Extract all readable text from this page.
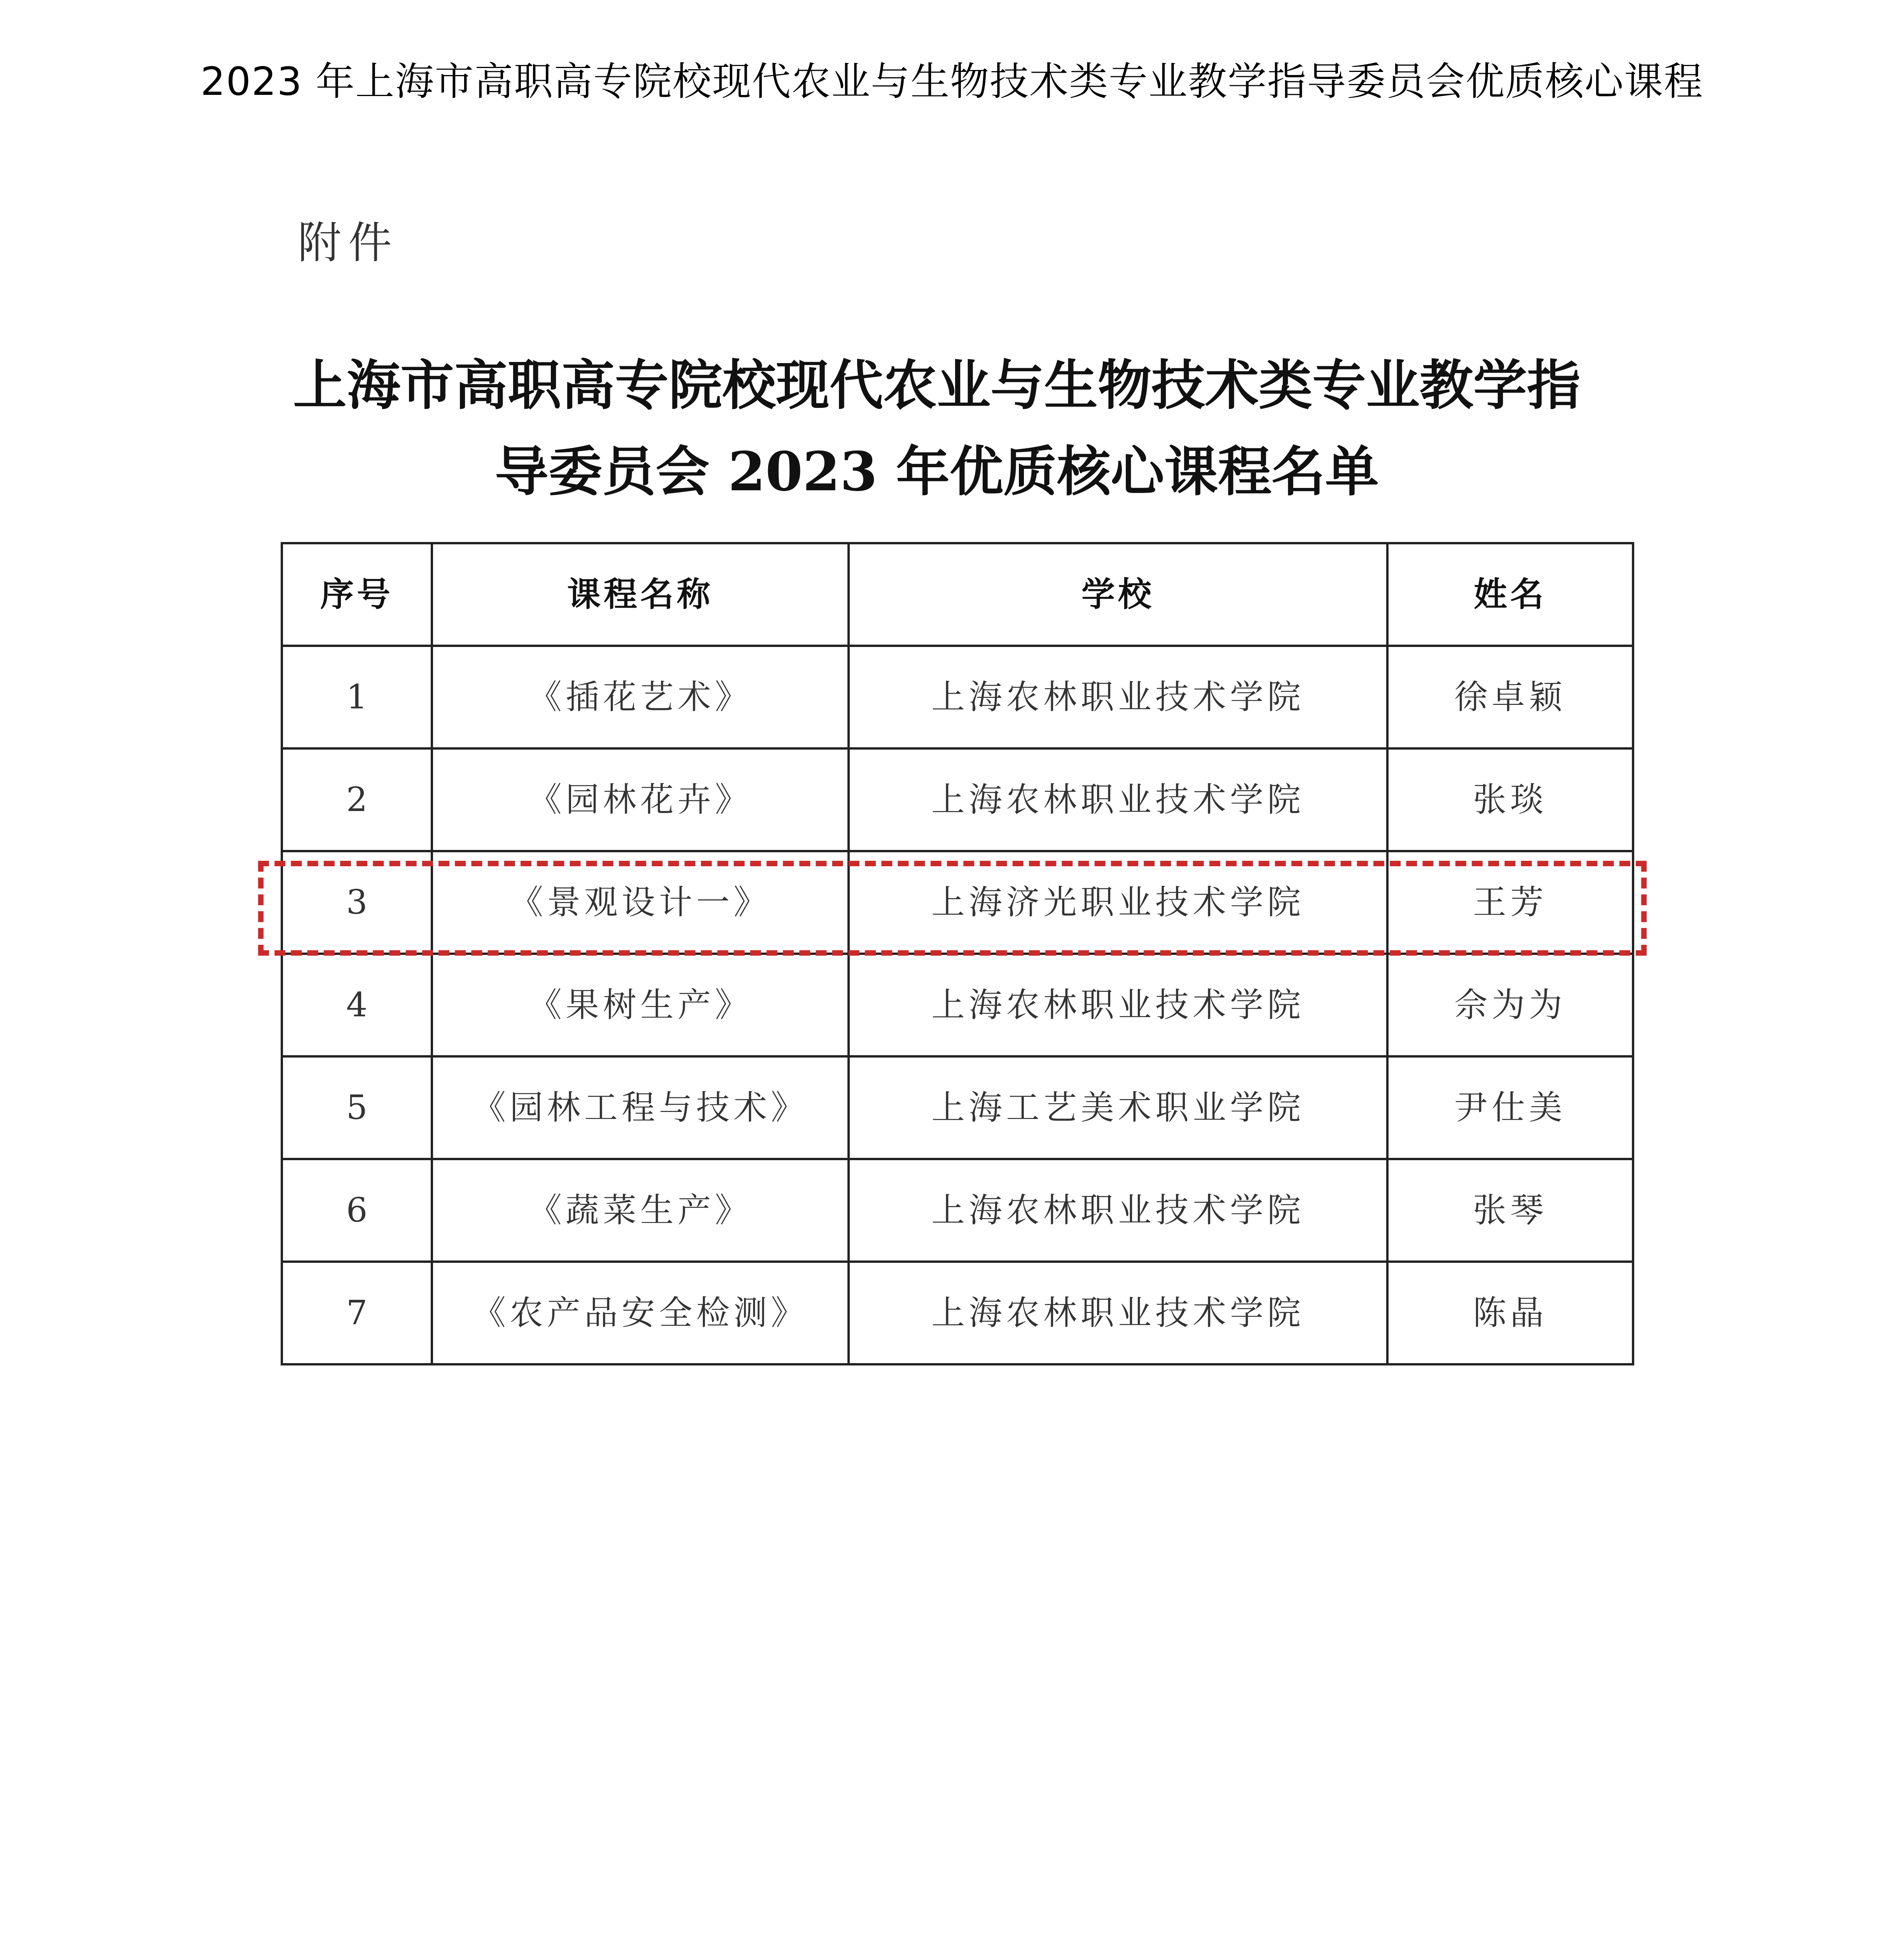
2023 年上海市高职高专院校现代农业与生物技术类专业教学指导委员会优质核心课程
附件
上海市高职高专院校现代农业与生物技术类专业教学指
导委员会 2023 年优质核心课程名单
序号	课程名称	学校	姓名
1	《插花艺术》	上海农林职业技术学院	徐卓颖
2	《园林花卉》	上海农林职业技术学院	张琰
3	《景观设计一》	上海济光职业技术学院	王芳
4	《果树生产》	上海农林职业技术学院	佘为为
5	《园林工程与技术》	上海工艺美术职业学院	尹仕美
6	《蔬菜生产》	上海农林职业技术学院	张琴
7	《农产品安全检测》	上海农林职业技术学院	陈晶
